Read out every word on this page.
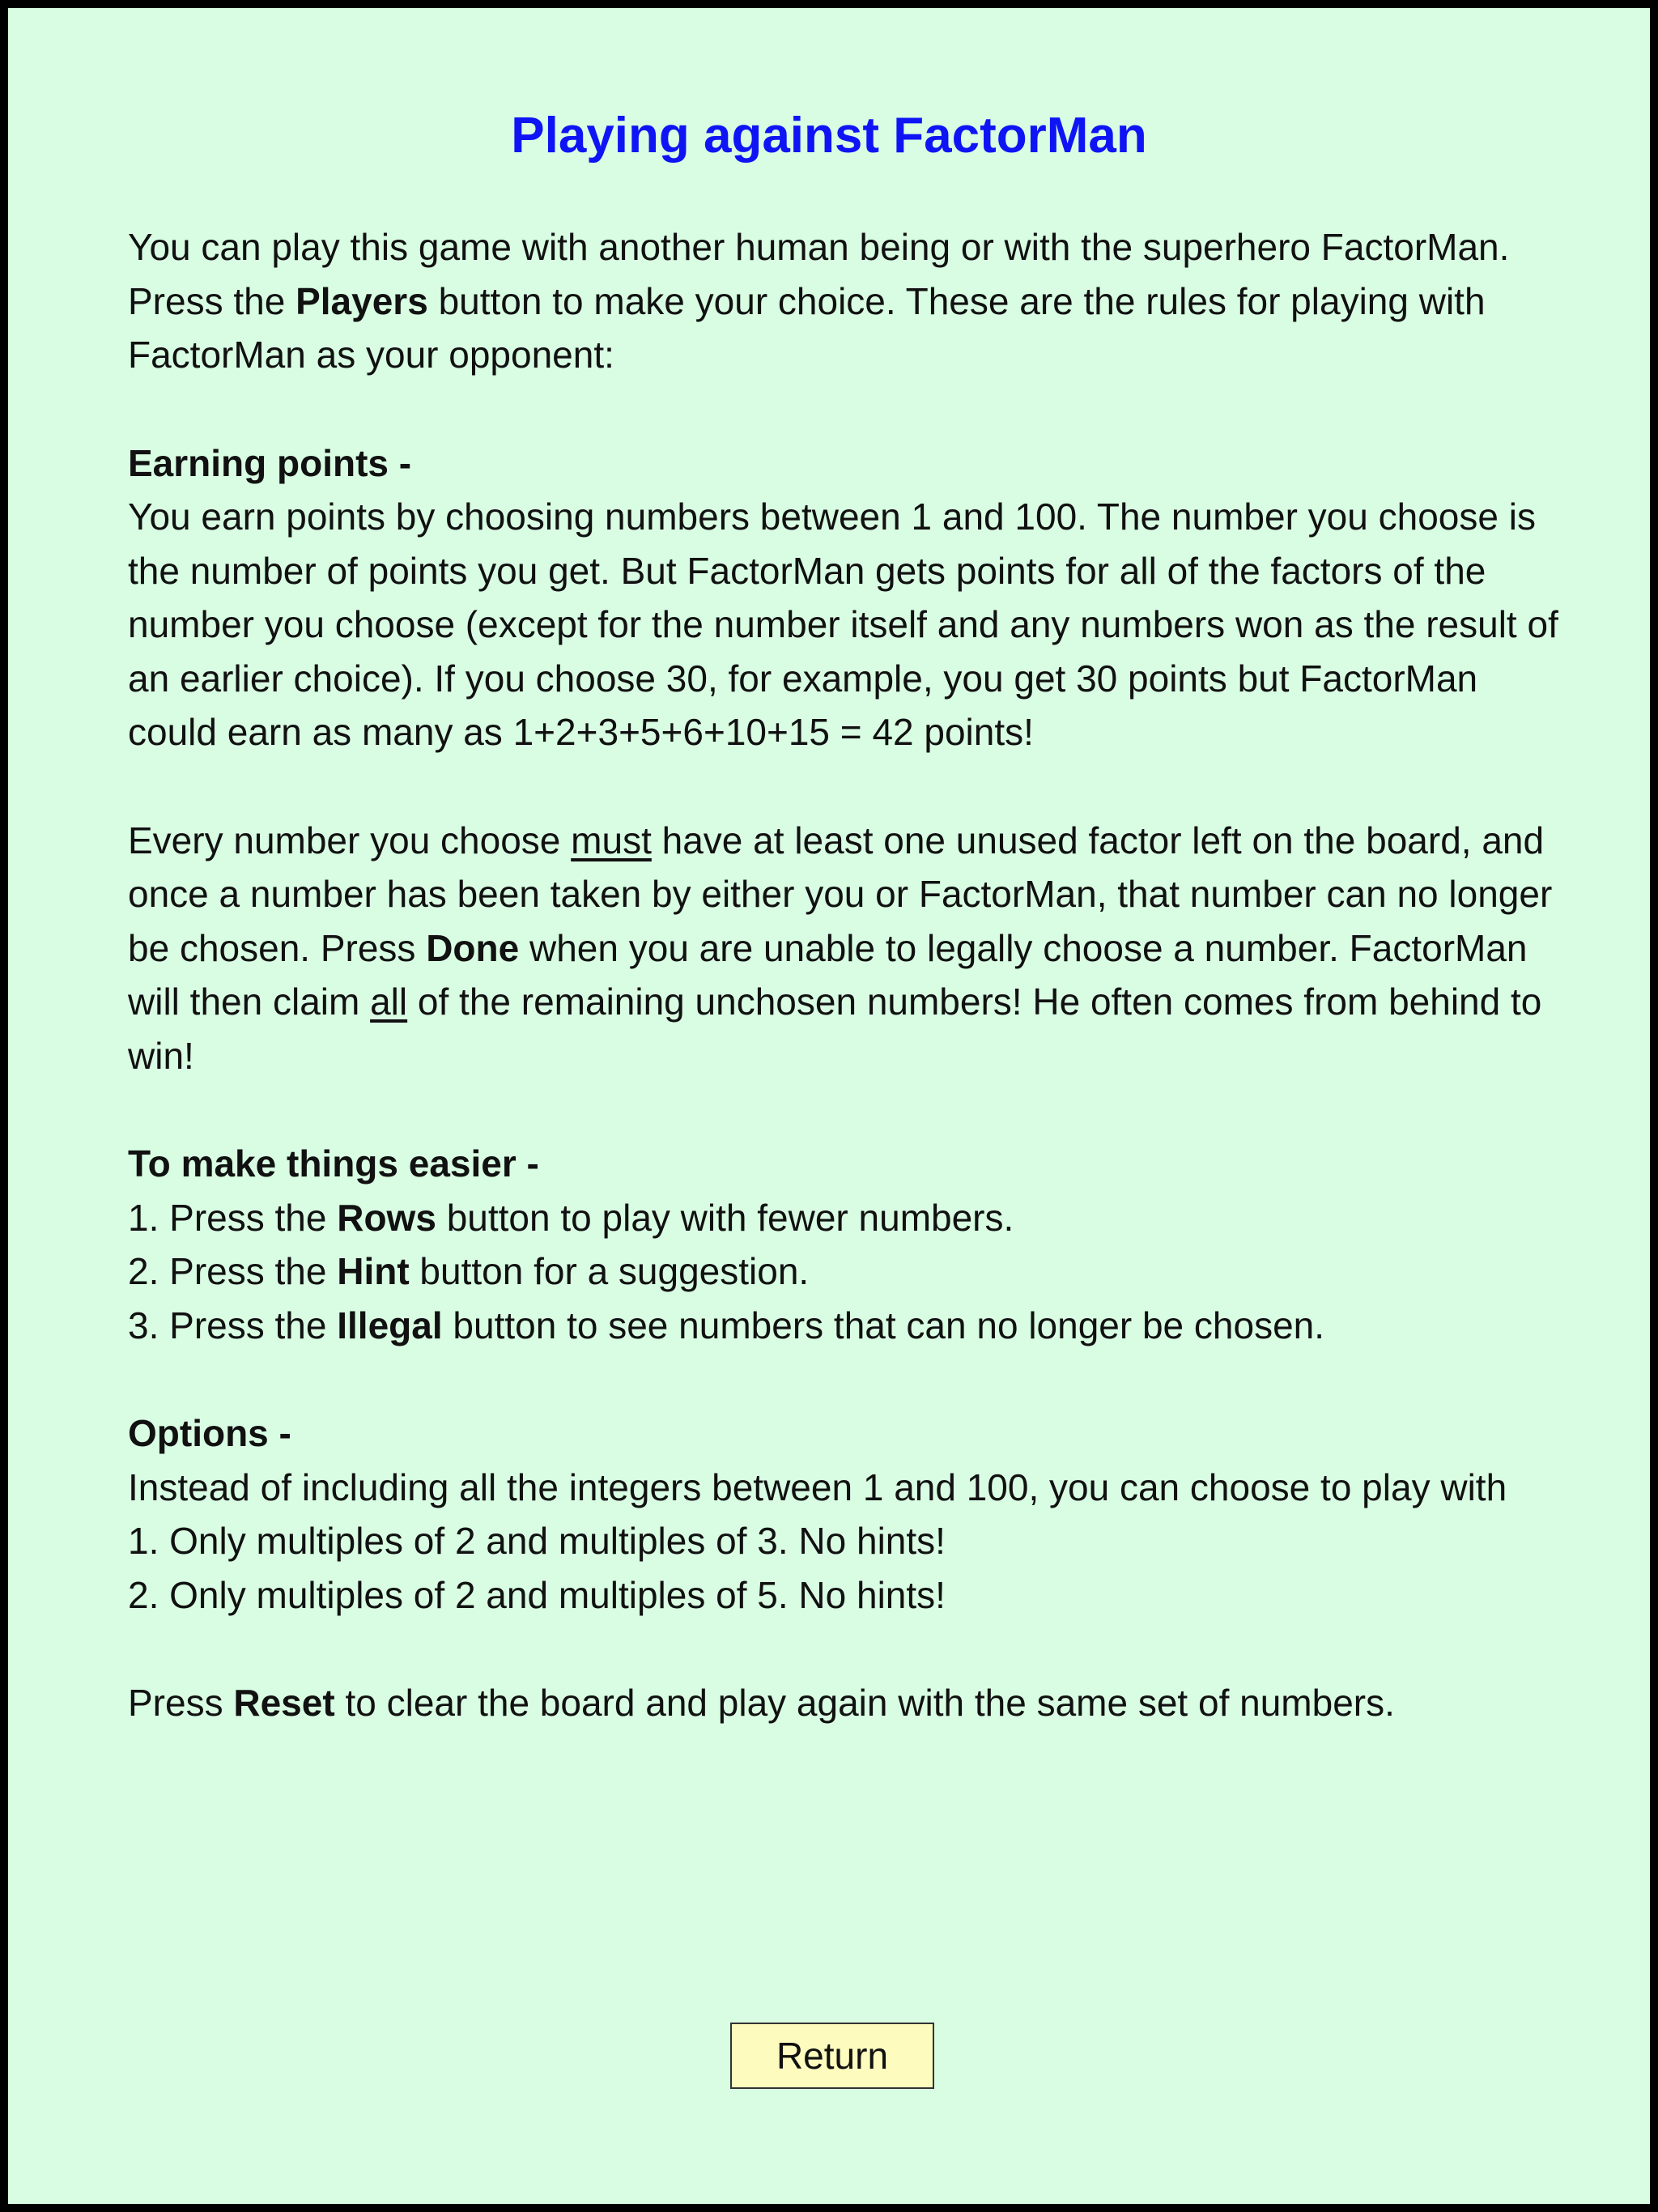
Playing against FactorMan

You can play this game with another human being or with the superhero FactorMan. Press the Players button to make your choice. These are the rules for playing with FactorMan as your opponent:

Earning points -

You earn points by choosing numbers between 1 and 100. The number you choose is the number of points you get. But FactorMan gets points for all of the factors of the number you choose (except for the number itself and any numbers won as the result of an earlier choice). If you choose 30, for example, you get 30 points but FactorMan could earn as many as 1+2+3+5+6+10+15 = 42 points!

Every number you choose must have at least one unused factor left on the board, and once a number has been taken by either you or FactorMan, that number can no longer be chosen. Press Done when you are unable to legally choose a number. FactorMan will then claim all of the remaining unchosen numbers! He often comes from behind to win!

To make things easier -

1. Press the Rows button to play with fewer numbers.

2. Press the Hint button for a suggestion.

3. Press the Illegal button to see numbers that can no longer be chosen.

Options -

Instead of including all the integers between 1 and 100, you can choose to play with

1. Only multiples of 2 and multiples of 3. No hints!

2. Only multiples of 2 and multiples of 5. No hints!

Press Reset to clear the board and play again with the same set of numbers.

Return
